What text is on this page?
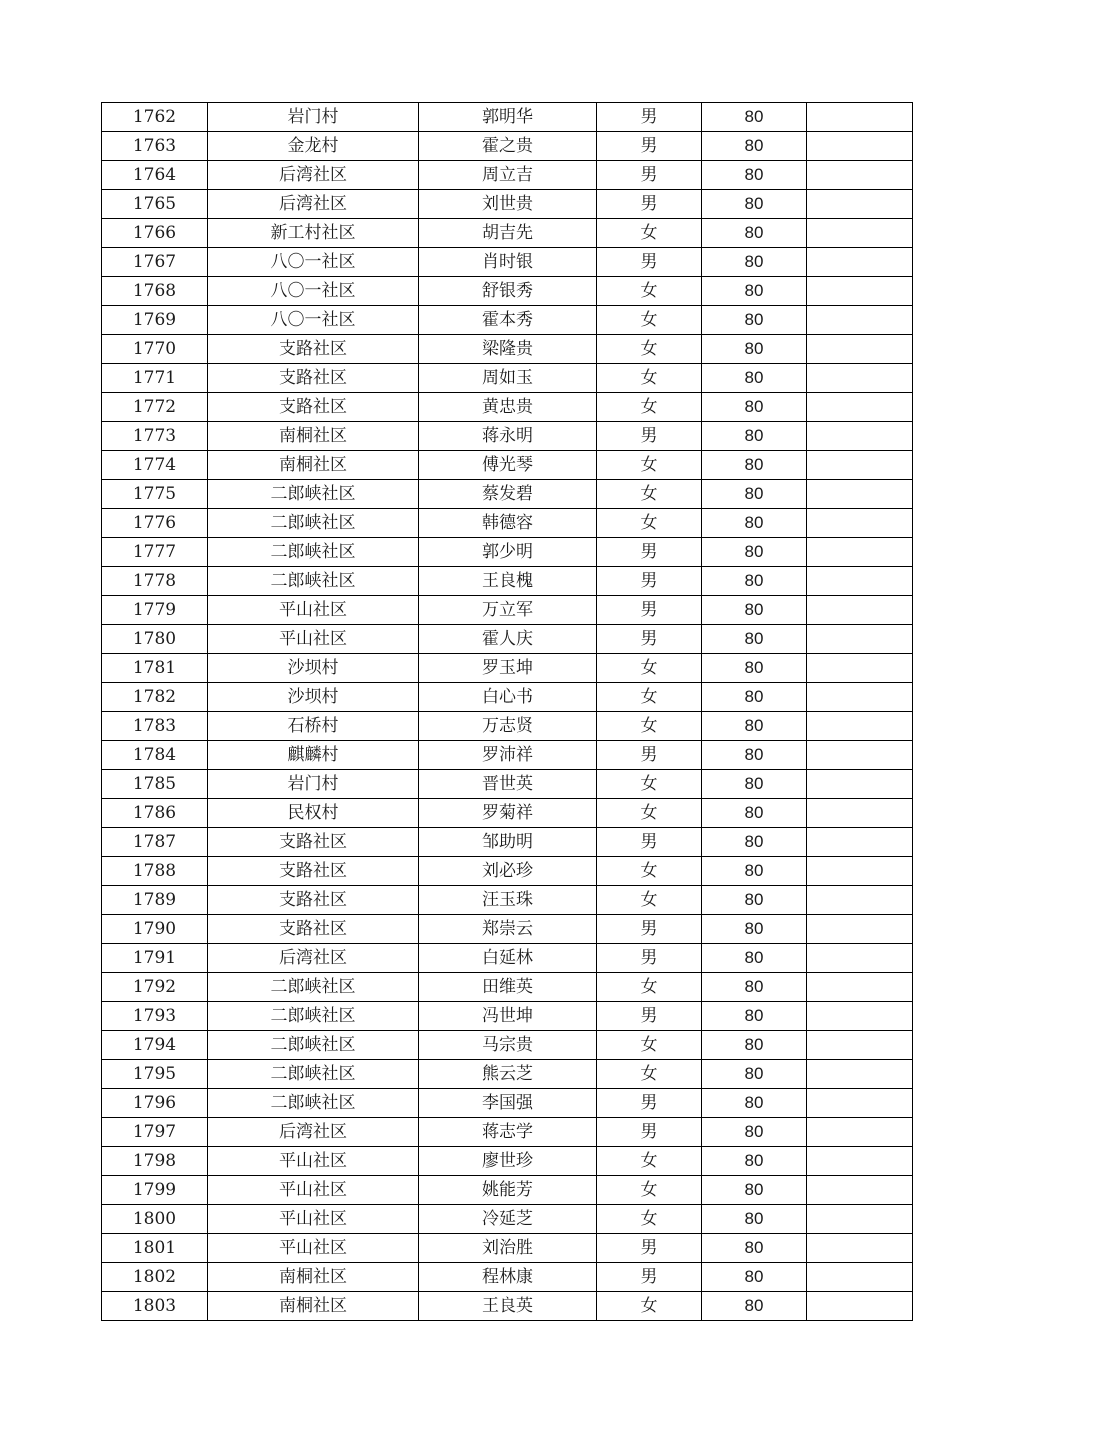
1762	岩门村	郭明华	男	80	
1763	金龙村	霍之贵	男	80	
1764	后湾社区	周立吉	男	80	
1765	后湾社区	刘世贵	男	80	
1766	新工村社区	胡吉先	女	80	
1767	八〇一社区	肖时银	男	80	
1768	八〇一社区	舒银秀	女	80	
1769	八〇一社区	霍本秀	女	80	
1770	支路社区	梁隆贵	女	80	
1771	支路社区	周如玉	女	80	
1772	支路社区	黄忠贵	女	80	
1773	南桐社区	蒋永明	男	80	
1774	南桐社区	傅光琴	女	80	
1775	二郎峡社区	蔡发碧	女	80	
1776	二郎峡社区	韩德容	女	80	
1777	二郎峡社区	郭少明	男	80	
1778	二郎峡社区	王良槐	男	80	
1779	平山社区	万立军	男	80	
1780	平山社区	霍人庆	男	80	
1781	沙坝村	罗玉坤	女	80	
1782	沙坝村	白心书	女	80	
1783	石桥村	万志贤	女	80	
1784	麒麟村	罗沛祥	男	80	
1785	岩门村	晋世英	女	80	
1786	民权村	罗菊祥	女	80	
1787	支路社区	邹助明	男	80	
1788	支路社区	刘必珍	女	80	
1789	支路社区	汪玉珠	女	80	
1790	支路社区	郑崇云	男	80	
1791	后湾社区	白延林	男	80	
1792	二郎峡社区	田维英	女	80	
1793	二郎峡社区	冯世坤	男	80	
1794	二郎峡社区	马宗贵	女	80	
1795	二郎峡社区	熊云芝	女	80	
1796	二郎峡社区	李国强	男	80	
1797	后湾社区	蒋志学	男	80	
1798	平山社区	廖世珍	女	80	
1799	平山社区	姚能芳	女	80	
1800	平山社区	冷延芝	女	80	
1801	平山社区	刘治胜	男	80	
1802	南桐社区	程林康	男	80	
1803	南桐社区	王良英	女	80	
